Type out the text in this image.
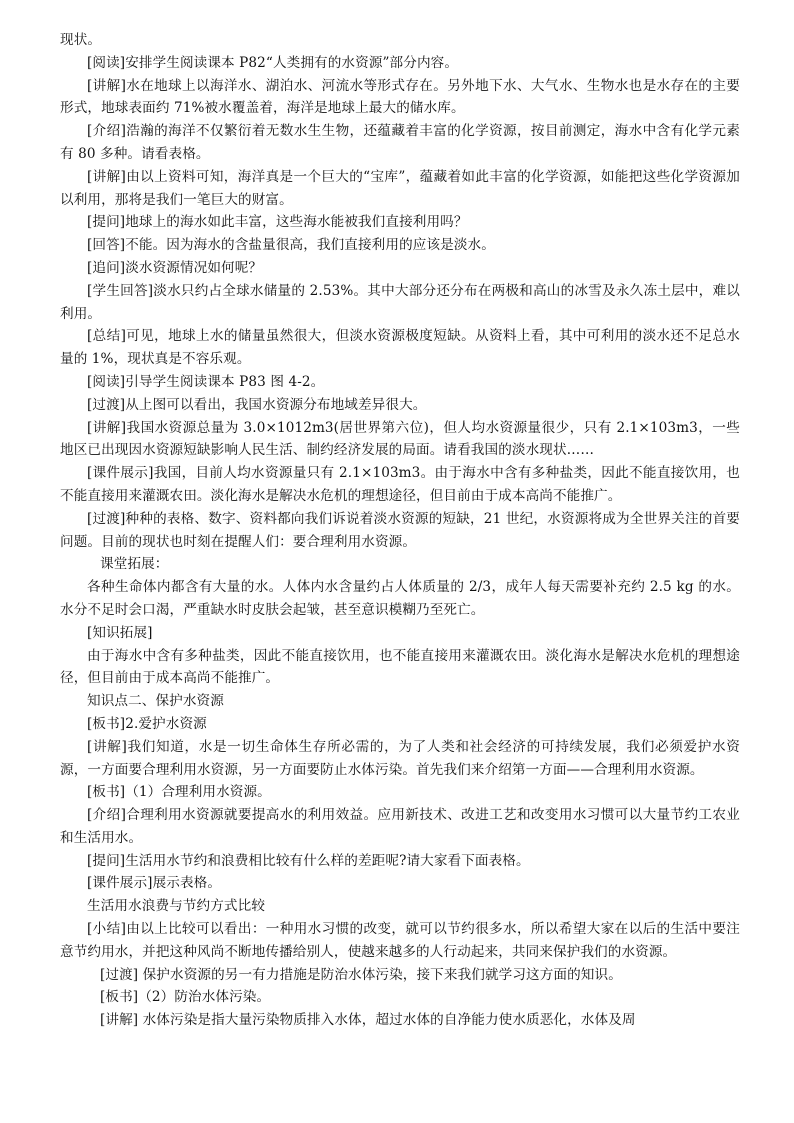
现状。

[阅读]安排学生阅读课本 P82“人类拥有的水资源”部分内容。

[讲解]水在地球上以海洋水、湖泊水、河流水等形式存在。另外地下水、大气水、生物水也是水存在的主要形式，地球表面约 71%被水覆盖着，海洋是地球上最大的储水库。

[介绍]浩瀚的海洋不仅繁衍着无数水生生物，还蕴藏着丰富的化学资源，按目前测定，海水中含有化学元素有 80 多种。请看表格。

[讲解]由以上资料可知，海洋真是一个巨大的“宝库”，蕴藏着如此丰富的化学资源，如能把这些化学资源加以利用，那将是我们一笔巨大的财富。

[提问]地球上的海水如此丰富，这些海水能被我们直接利用吗？

[回答]不能。因为海水的含盐量很高，我们直接利用的应该是淡水。

[追问]淡水资源情况如何呢？

[学生回答]淡水只约占全球水储量的 2.53%。其中大部分还分布在两极和高山的冰雪及永久冻土层中，难以利用。

[总结]可见，地球上水的储量虽然很大，但淡水资源极度短缺。从资料上看，其中可利用的淡水还不足总水量的 1%，现状真是不容乐观。

[阅读]引导学生阅读课本 P83 图 4-2。

[过渡]从上图可以看出，我国水资源分布地域差异很大。

[讲解]我国水资源总量为 3.0×1012m3(居世界第六位)，但人均水资源量很少，只有 2.1×103m3，一些地区已出现因水资源短缺影响人民生活、制约经济发展的局面。请看我国的淡水现状……

[课件展示]我国，目前人均水资源量只有 2.1×103m3。由于海水中含有多种盐类，因此不能直接饮用，也不能直接用来灌溉农田。淡化海水是解决水危机的理想途径，但目前由于成本高尚不能推广。

[过渡]种种的表格、数字、资料都向我们诉说着淡水资源的短缺，21 世纪，水资源将成为全世界关注的首要问题。目前的现状也时刻在提醒人们：要合理利用水资源。

课堂拓展：

各种生命体内都含有大量的水。人体内水含量约占人体质量的 2/3，成年人每天需要补充约 2.5 kg 的水。水分不足时会口渴，严重缺水时皮肤会起皱，甚至意识模糊乃至死亡。

[知识拓展]

由于海水中含有多种盐类，因此不能直接饮用，也不能直接用来灌溉农田。淡化海水是解决水危机的理想途径，但目前由于成本高尚不能推广。

知识点二、保护水资源

[板书]2.爱护水资源

[讲解]我们知道，水是一切生命体生存所必需的，为了人类和社会经济的可持续发展，我们必须爱护水资源，一方面要合理利用水资源，另一方面要防止水体污染。首先我们来介绍第一方面——合理利用水资源。

[板书]（1）合理利用水资源。

[介绍]合理利用水资源就要提高水的利用效益。应用新技术、改进工艺和改变用水习惯可以大量节约工农业和生活用水。

[提问]生活用水节约和浪费相比较有什么样的差距呢?请大家看下面表格。

[课件展示]展示表格。

生活用水浪费与节约方式比较

[小结]由以上比较可以看出：一种用水习惯的改变，就可以节约很多水，所以希望大家在以后的生活中要注意节约用水，并把这种风尚不断地传播给别人，使越来越多的人行动起来，共同来保护我们的水资源。

[过渡] 保护水资源的另一有力措施是防治水体污染，接下来我们就学习这方面的知识。

[板书]（2）防治水体污染。

[讲解] 水体污染是指大量污染物质排入水体，超过水体的自净能力使水质恶化，水体及周
